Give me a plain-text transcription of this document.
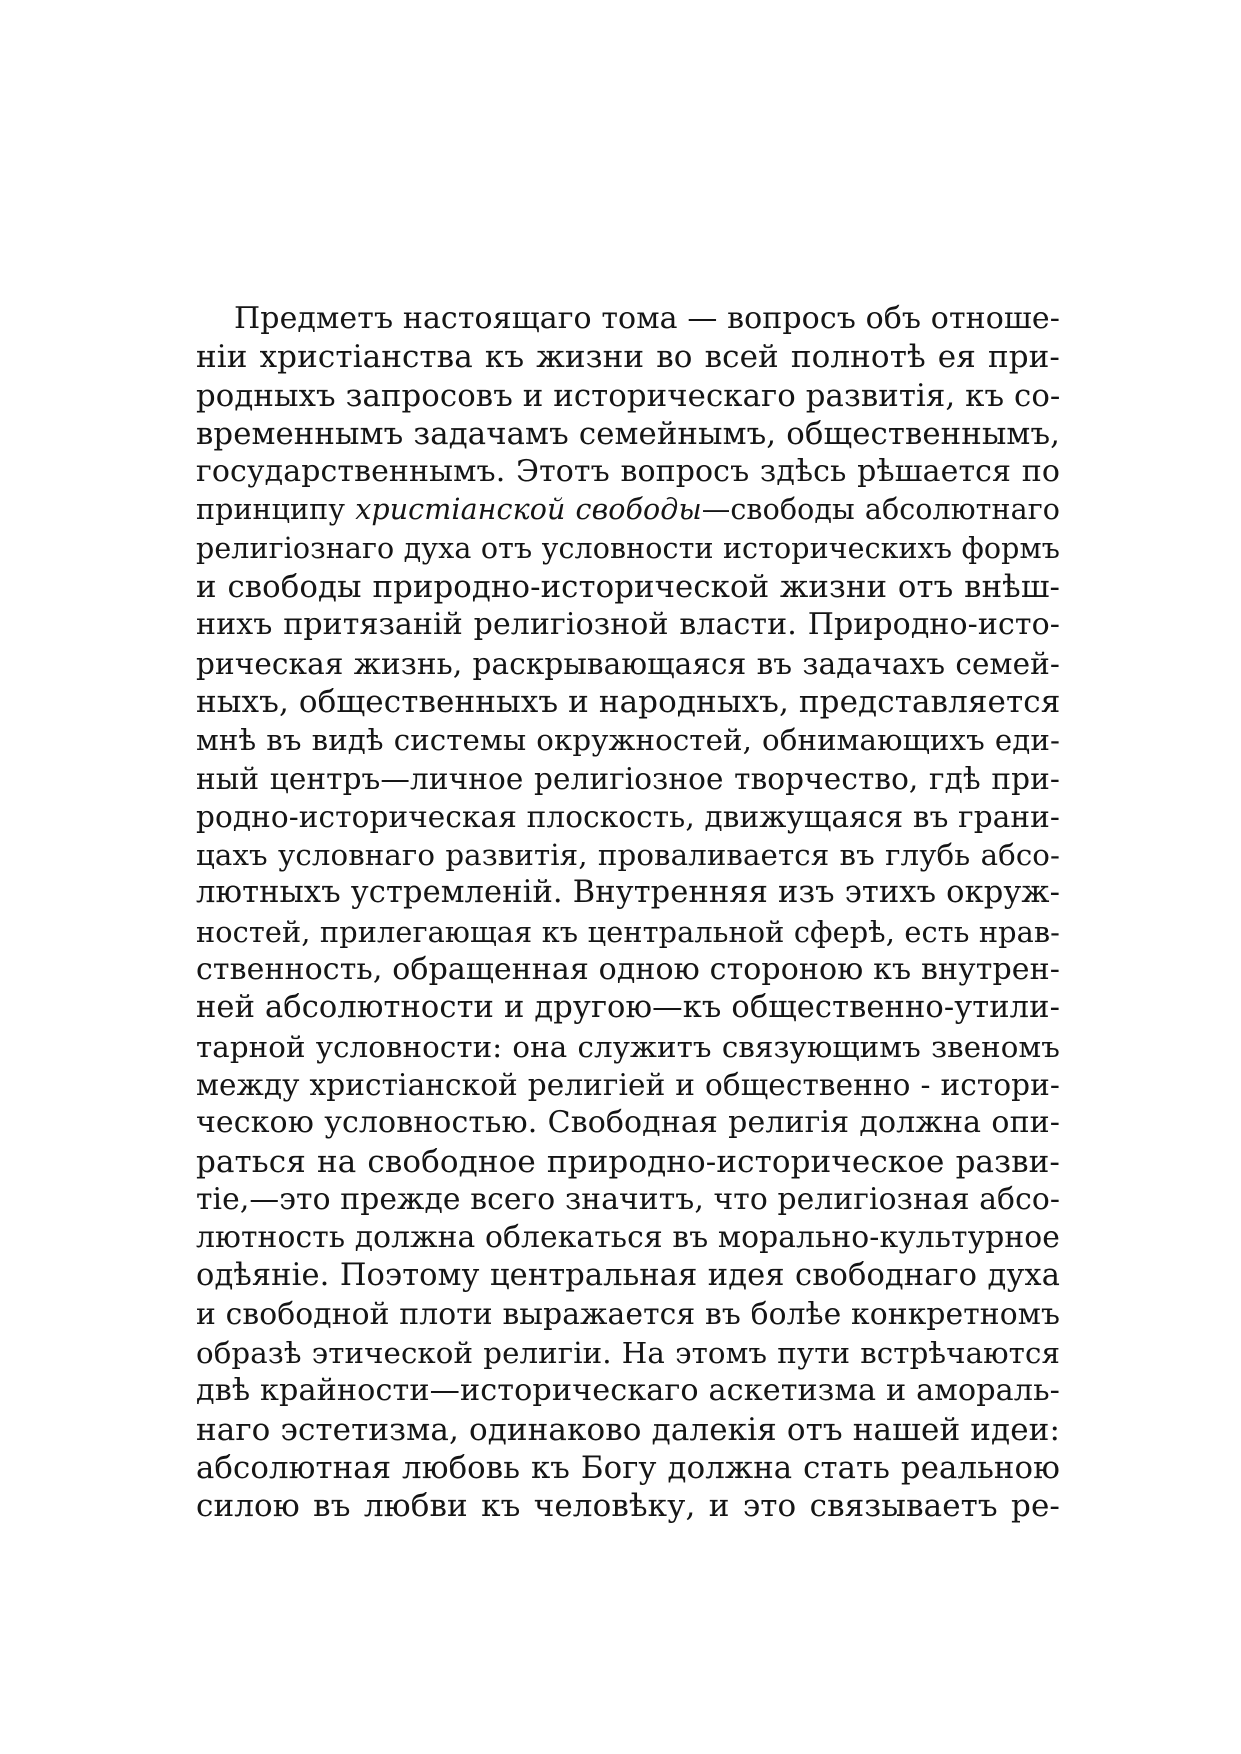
Предметъ настоящаго тома — вопросъ объ отноше-
ніи христіанства къ жизни во всей полнотѣ ея при-
родныхъ запросовъ и историческаго развитія, къ со-
временнымъ задачамъ семейнымъ, общественнымъ,
государственнымъ. Этотъ вопросъ здѣсь рѣшается по
принципу христіанской свободы—свободы абсолютнаго
религіознаго духа отъ условности историческихъ формъ
и свободы природно-исторической жизни отъ внѣш-
нихъ притязаній религіозной власти. Природно-исто-
рическая жизнь, раскрывающаяся въ задачахъ семей-
ныхъ, общественныхъ и народныхъ, представляется
мнѣ въ видѣ системы окружностей, обнимающихъ еди-
ный центръ—личное религіозное творчество, гдѣ при-
родно-историческая плоскость, движущаяся въ грани-
цахъ условнаго развитія, проваливается въ глубь абсо-
лютныхъ устремленій. Внутренняя изъ этихъ окруж-
ностей, прилегающая къ центральной сферѣ, есть нрав-
ственность, обращенная одною стороною къ внутрен-
ней абсолютности и другою—къ общественно-утили-
тарной условности: она служитъ связующимъ звеномъ
между христіанской религіей и общественно - истори-
ческою условностью. Свободная религія должна опи-
раться на свободное природно-историческое разви-
тіе,—это прежде всего значитъ, что религіозная абсо-
лютность должна облекаться въ морально-культурное
одѣяніе. Поэтому центральная идея свободнаго духа
и свободной плоти выражается въ болѣе конкретномъ
образѣ этической религіи. На этомъ пути встрѣчаются
двѣ крайности—историческаго аскетизма и амораль-
наго эстетизма, одинаково далекія отъ нашей идеи:
абсолютная любовь къ Богу должна стать реальною
силою въ любви къ человѣку, и это связываетъ ре-
